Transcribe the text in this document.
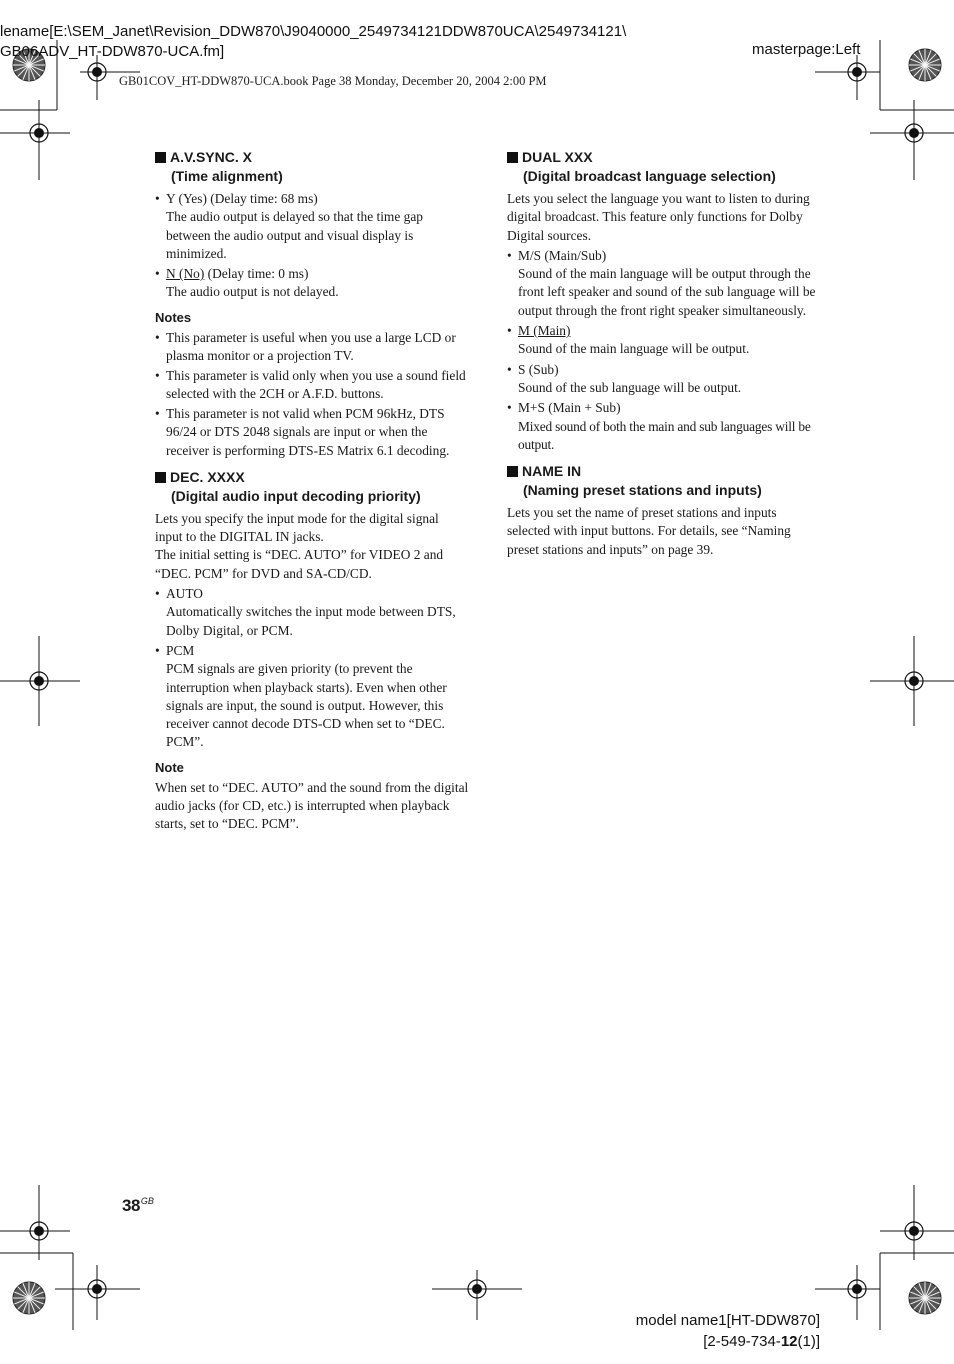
lename[E:\SEM_Janet\Revision_DDW870\J9040000_2549734121DDW870UCA\2549734121\
GB06ADV_HT-DDW870-UCA.fm]	masterpage:Left
GB01COV_HT-DDW870-UCA.book Page 38 Monday, December 20, 2004 2:00 PM
A.V.SYNC. X
(Time alignment)
• Y (Yes) (Delay time: 68 ms)

The audio output is delayed so that the time gap between the audio output and visual display is minimized.

• N (No) (Delay time: 0 ms)

The audio output is not delayed.

Notes
• This parameter is useful when you use a large LCD or plasma monitor or a projection TV.

• This parameter is valid only when you use a sound field selected with the 2CH or A.F.D. buttons.

• This parameter is not valid when PCM 96kHz, DTS 96/24 or DTS 2048 signals are input or when the receiver is performing DTS-ES Matrix 6.1 decoding.

DEC. XXXX
(Digital audio input decoding priority)

Lets you specify the input mode for the digital signal input to the DIGITAL IN jacks.

The initial setting is “DEC. AUTO” for VIDEO 2 and “DEC. PCM” for DVD and SA-CD/CD.

• AUTO

Automatically switches the input mode between DTS, Dolby Digital, or PCM.

• PCM

PCM signals are given priority (to prevent the interruption when playback starts). Even when other signals are input, the sound is output. However, this receiver cannot decode DTS-CD when set to “DEC. PCM”.

Note

When set to “DEC. AUTO” and the sound from the digital audio jacks (for CD, etc.) is interrupted when playback starts, set to “DEC. PCM”.

DUAL XXX
(Digital broadcast language selection)

Lets you select the language you want to listen to during digital broadcast. This feature only functions for Dolby Digital sources.

• M/S (Main/Sub)

Sound of the main language will be output through the front left speaker and sound of the sub language will be output through the front right speaker simultaneously.

• M (Main)

Sound of the main language will be output.

• S (Sub)

Sound of the sub language will be output.

• M+S (Main + Sub)

Mixed sound of both the main and sub languages will be output.

NAME IN
(Naming preset stations and inputs)

Lets you set the name of preset stations and inputs selected with input buttons. For details, see “Naming preset stations and inputs” on page 39.

$38^{GB}$
model name1[HT-DDW870]
[2-549-734-12(1)]
